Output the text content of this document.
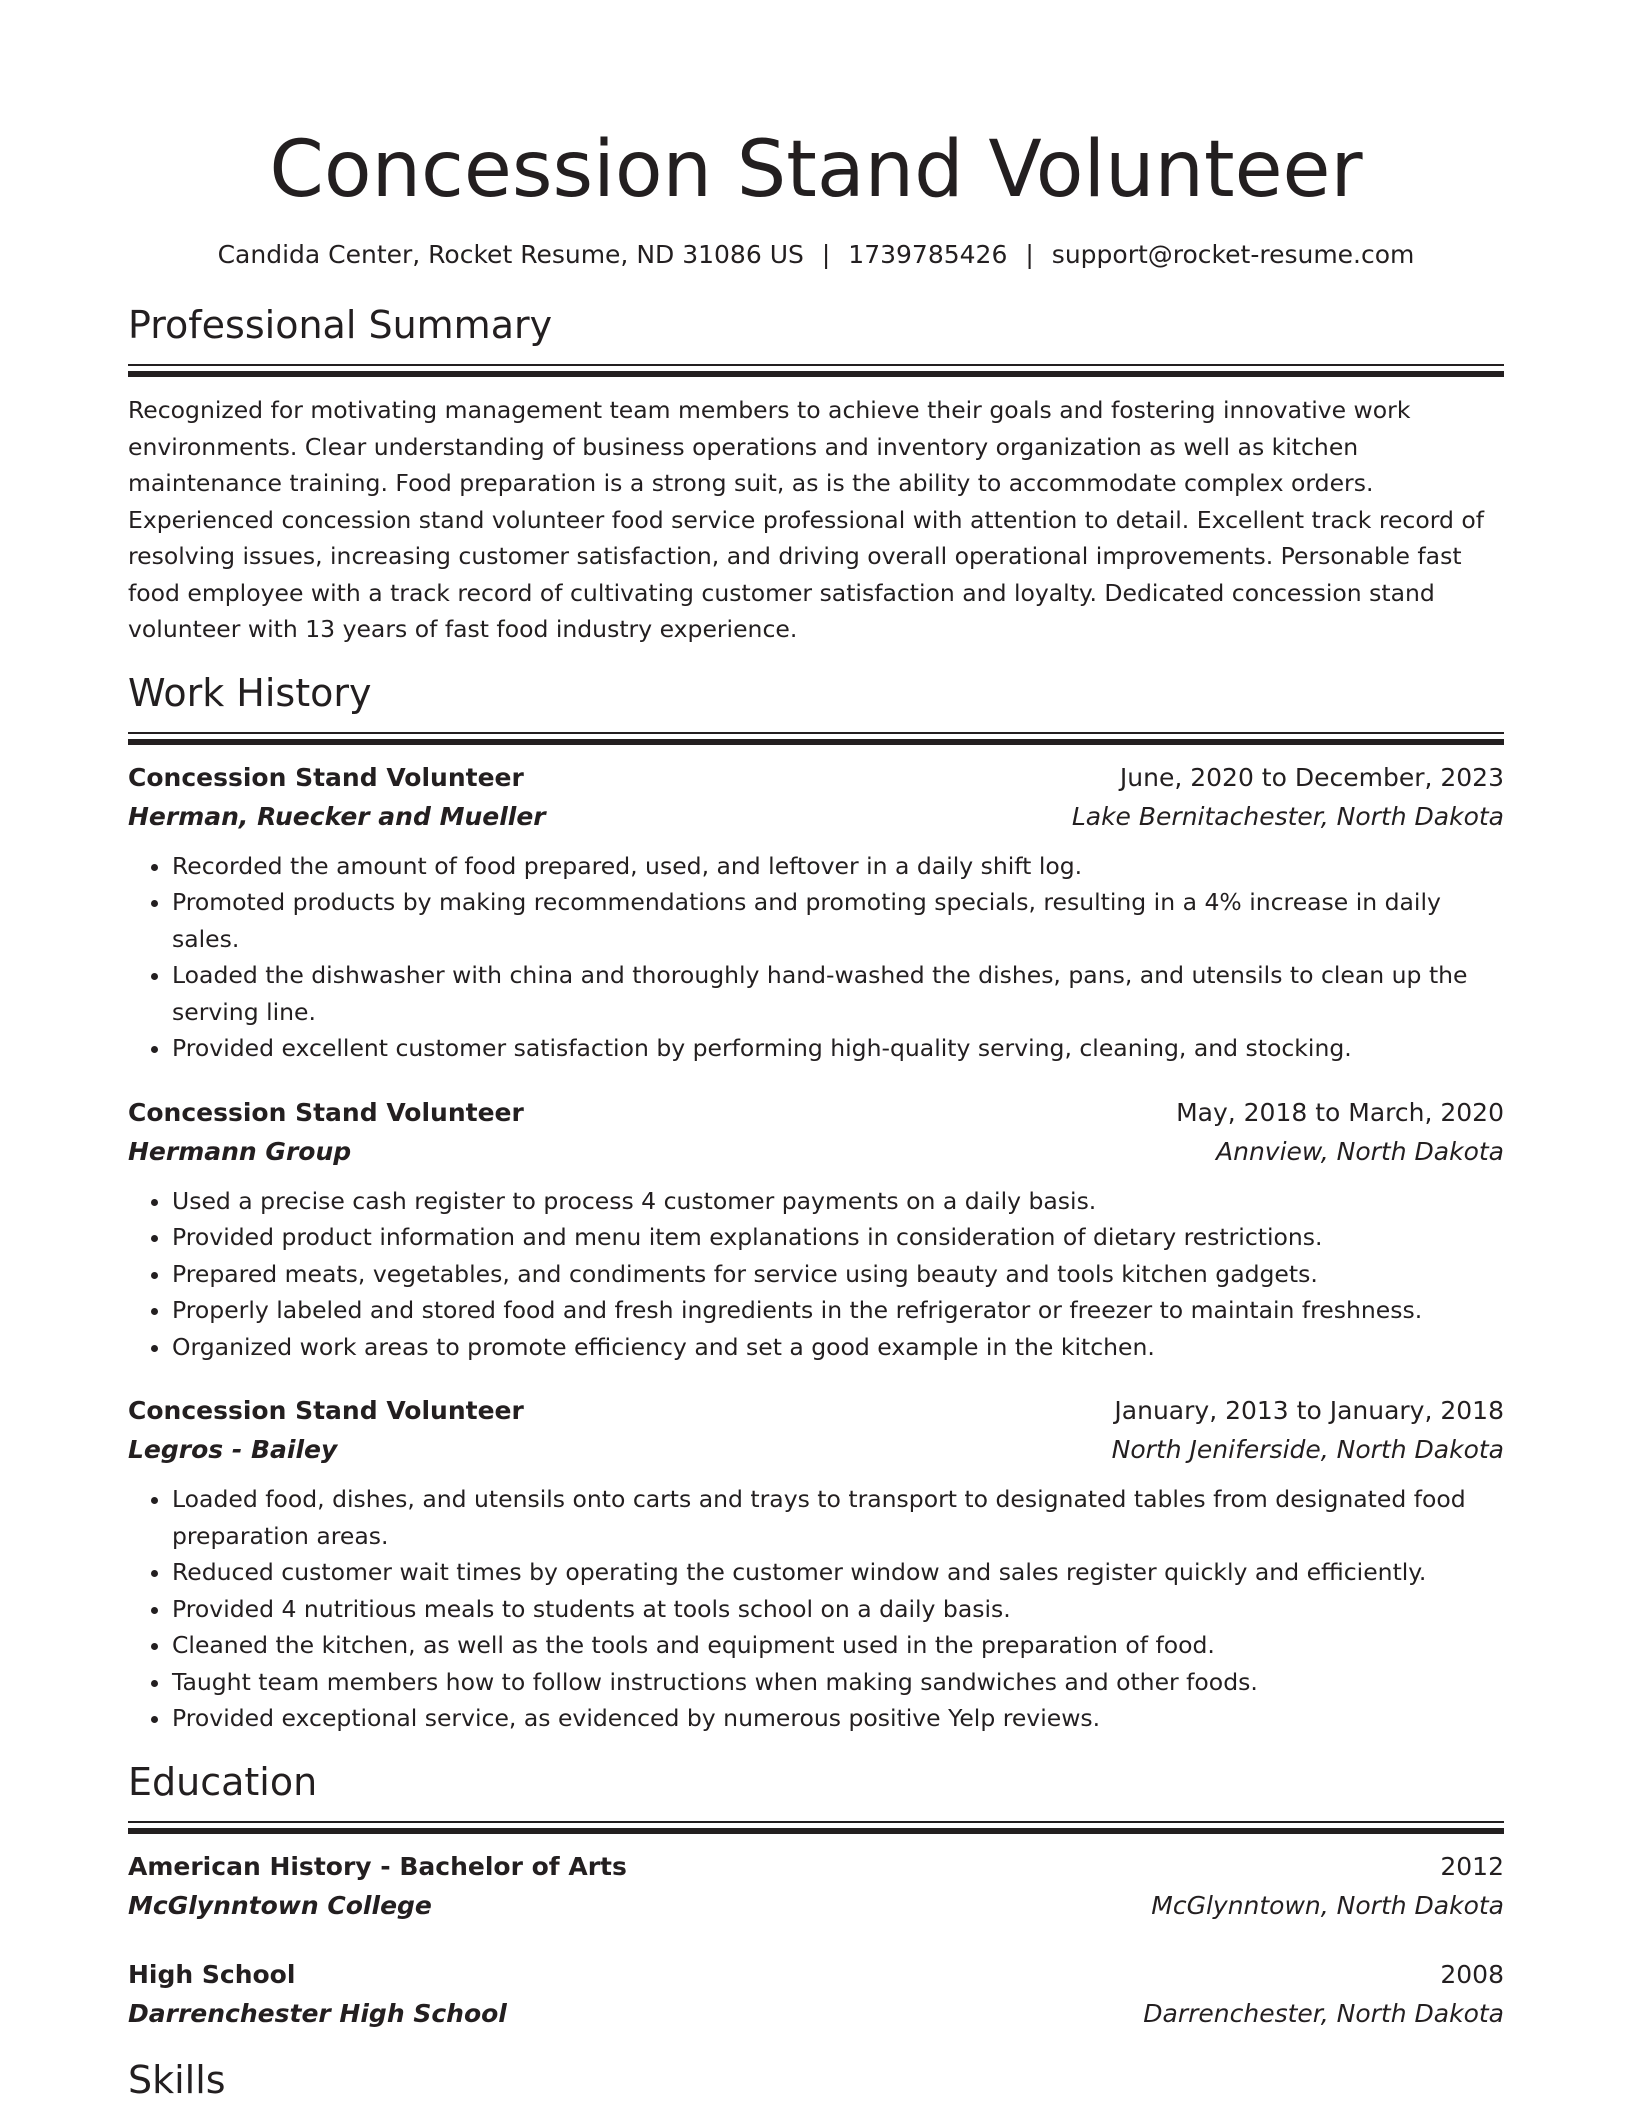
Concession Stand Volunteer
Candida Center, Rocket Resume, ND 31086 US | 1739785426 | support@rocket-resume.com
Professional Summary

Recognized for motivating management team members to achieve their goals and fostering innovative work environments. Clear understanding of business operations and inventory organization as well as kitchen maintenance training. Food preparation is a strong suit, as is the ability to accommodate complex orders. Experienced concession stand volunteer food service professional with attention to detail. Excellent track record of resolving issues, increasing customer satisfaction, and driving overall operational improvements. Personable fast food employee with a track record of cultivating customer satisfaction and loyalty. Dedicated concession stand volunteer with 13 years of fast food industry experience.

Work History
Concession Stand Volunteer	June, 2020 to December, 2023
Herman, Ruecker and Mueller	Lake Bernitachester, North Dakota
• Recorded the amount of food prepared, used, and leftover in a daily shift log.
• Promoted products by making recommendations and promoting specials, resulting in a 4% increase in daily sales.
• Loaded the dishwasher with china and thoroughly hand-washed the dishes, pans, and utensils to clean up the serving line.
• Provided excellent customer satisfaction by performing high-quality serving, cleaning, and stocking.
Concession Stand Volunteer	May, 2018 to March, 2020
Hermann Group	Annview, North Dakota
• Used a precise cash register to process 4 customer payments on a daily basis.
• Provided product information and menu item explanations in consideration of dietary restrictions.
• Prepared meats, vegetables, and condiments for service using beauty and tools kitchen gadgets.
• Properly labeled and stored food and fresh ingredients in the refrigerator or freezer to maintain freshness.
• Organized work areas to promote efficiency and set a good example in the kitchen.
Concession Stand Volunteer	January, 2013 to January, 2018
Legros - Bailey	North Jeniferside, North Dakota
• Loaded food, dishes, and utensils onto carts and trays to transport to designated tables from designated food preparation areas.
• Reduced customer wait times by operating the customer window and sales register quickly and efficiently.
• Provided 4 nutritious meals to students at tools school on a daily basis.
• Cleaned the kitchen, as well as the tools and equipment used in the preparation of food.
• Taught team members how to follow instructions when making sandwiches and other foods.
• Provided exceptional service, as evidenced by numerous positive Yelp reviews.
Education
American History - Bachelor of Arts	2012
McGlynntown College	McGlynntown, North Dakota
High School	2008
Darrenchester High School	Darrenchester, North Dakota
Skills
